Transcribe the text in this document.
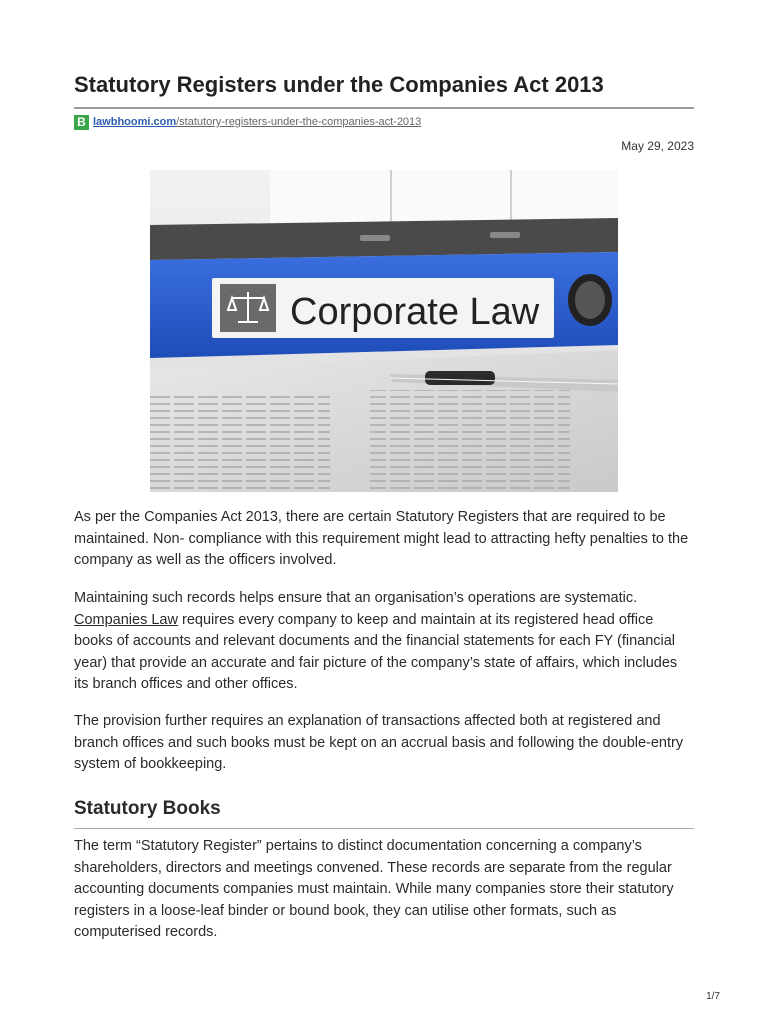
Statutory Registers under the Companies Act 2013
B lawbhoomi.com/statutory-registers-under-the-companies-act-2013
May 29, 2023
Corporate Law

As per the Companies Act 2013, there are certain Statutory Registers that are required to be maintained. Non- compliance with this requirement might lead to attracting hefty penalties to the company as well as the officers involved.

Maintaining such records helps ensure that an organisation’s operations are systematic.
Companies Law requires every company to keep and maintain at its registered head office books of accounts and relevant documents and the financial statements for each FY (financial year) that provide an accurate and fair picture of the company’s state of affairs, which includes its branch offices and other offices.

The provision further requires an explanation of transactions affected both at registered and branch offices and such books must be kept on an accrual basis and following the double-entry system of bookkeeping.

Statutory Books

The term “Statutory Register” pertains to distinct documentation concerning a company’s shareholders, directors and meetings convened. These records are separate from the regular accounting documents companies must maintain. While many companies store their statutory registers in a loose-leaf binder or bound book, they can utilise other formats, such as computerised records.

1/7
